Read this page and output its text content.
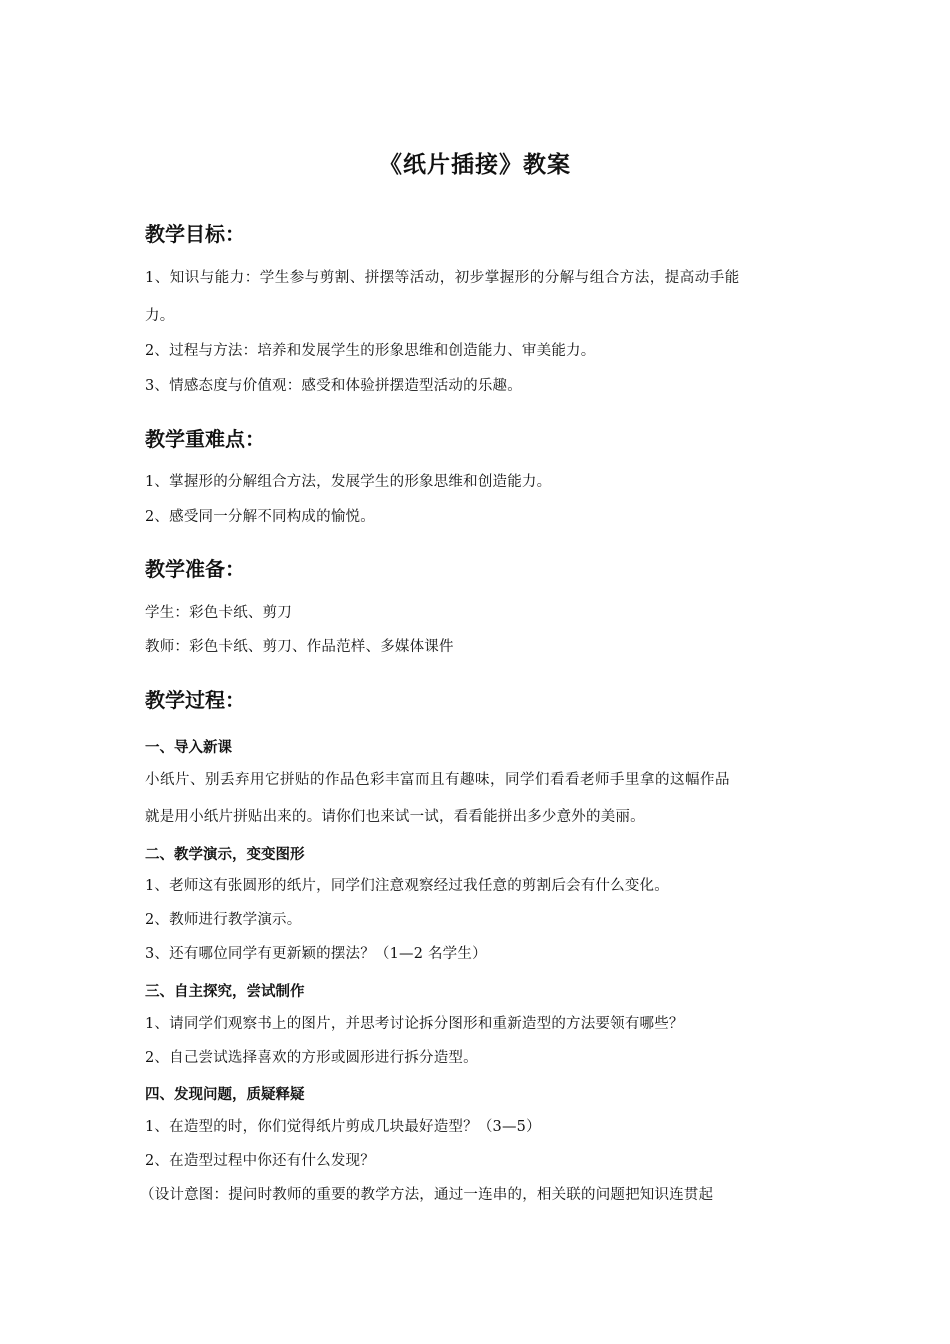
《纸片插接》教案
教学目标：
1、知识与能力：学生参与剪割、拼摆等活动，初步掌握形的分解与组合方法，提高动手能
力。
2、过程与方法：培养和发展学生的形象思维和创造能力、审美能力。
3、情感态度与价值观：感受和体验拼摆造型活动的乐趣。
教学重难点：
1、掌握形的分解组合方法，发展学生的形象思维和创造能力。
2、感受同一分解不同构成的愉悦。
教学准备：
学生：彩色卡纸、剪刀
教师：彩色卡纸、剪刀、作品范样、多媒体课件
教学过程：
一、导入新课
小纸片、别丢弃用它拼贴的作品色彩丰富而且有趣味，同学们看看老师手里拿的这幅作品
就是用小纸片拼贴出来的。请你们也来试一试，看看能拼出多少意外的美丽。
二、教学演示，变变图形
1、老师这有张圆形的纸片，同学们注意观察经过我任意的剪割后会有什么变化。
2、教师进行教学演示。
3、还有哪位同学有更新颖的摆法？（1—2 名学生）
三、自主探究，尝试制作
1、请同学们观察书上的图片，并思考讨论拆分图形和重新造型的方法要领有哪些？
2、自己尝试选择喜欢的方形或圆形进行拆分造型。
四、发现问题，质疑释疑
1、在造型的时，你们觉得纸片剪成几块最好造型？（3—5）
2、在造型过程中你还有什么发现？
（设计意图：提问时教师的重要的教学方法，通过一连串的，相关联的问题把知识连贯起
